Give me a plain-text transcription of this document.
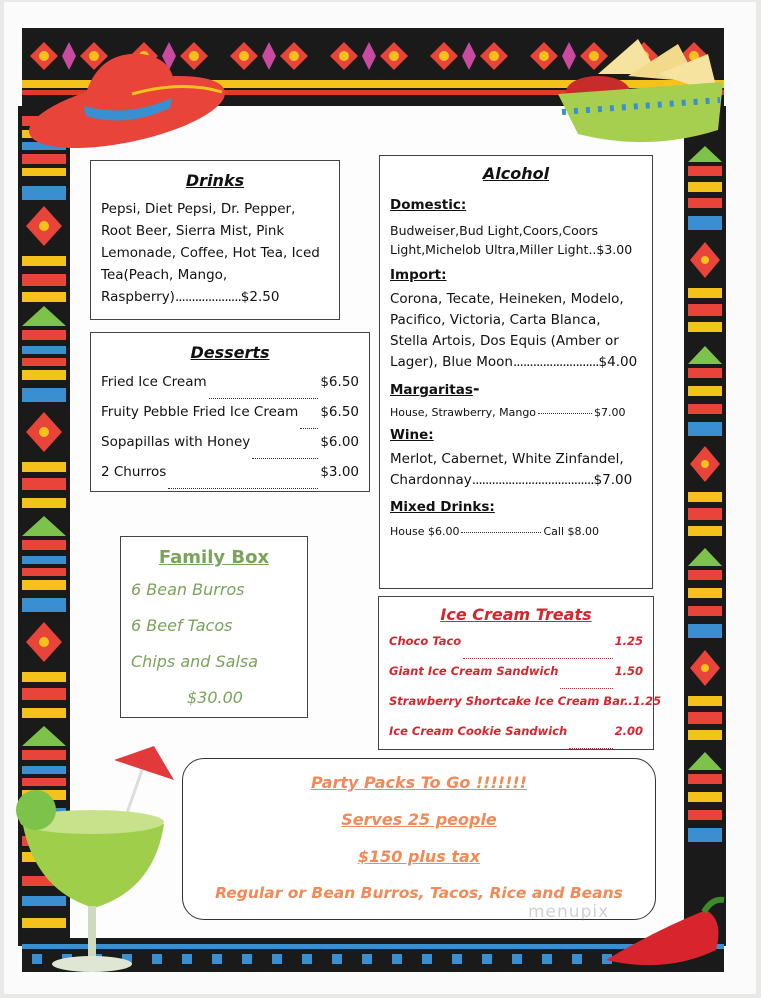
Drinks
Pepsi, Diet Pepsi, Dr. Pepper, Root Beer, Sierra Mist, Pink Lemonade, Coffee, Hot Tea, Iced Tea(Peach, Mango, Raspberry)....................$2.50
Desserts
Fried Ice Cream	$6.50
Fruity Pebble Fried Ice Cream $6.50
Sopapillas with Honey	$6.00
2 Churros	$3.00
Family Box
6 Bean Burros
6 Beef Tacos
Chips and Salsa
$30.00
Alcohol
Domestic:
Budweiser,Bud Light,Coors,Coors Light,Michelob Ultra,Miller Light..$3.00
Import:
Corona, Tecate, Heineken, Modelo, Pacifico, Victoria, Carta Blanca, Stella Artois, Dos Equis (Amber or Lager), Blue Moon..........................$4.00
Margaritas-
House, Strawberry, Mango	$7.00
Wine:
Merlot, Cabernet, White Zinfandel, Chardonnay.....................................$7.00
Mixed Drinks:
House $6.00	Call $8.00
Ice Cream Treats
Choco Taco	1.25
Giant Ice Cream Sandwich	1.50
Strawberry Shortcake Ice Cream Bar.. 1.25
Ice Cream Cookie Sandwich	2.00
Party Packs To Go !!!!!!!
Serves 25 people
$150 plus tax
Regular or Bean Burros, Tacos, Rice and Beans
menupix
